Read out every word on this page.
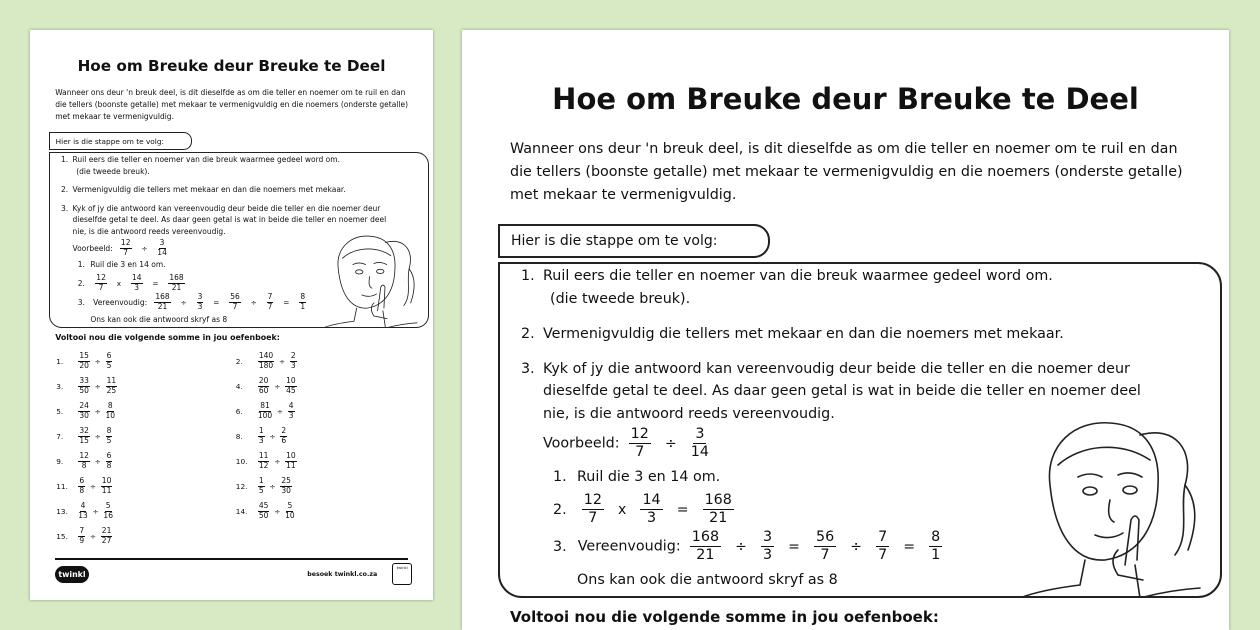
Hoe om Breuke deur Breuke te Deel
Wanneer ons deur 'n breuk deel, is dit dieselfde as om die teller en noemer om te ruil en dan die tellers (boonste getalle) met mekaar te vermenigvuldig en die noemers (onderste getalle) met mekaar te vermenigvuldig.
Hier is die stappe om te volg:
1. Ruil eers die teller en noemer van die breuk waarmee gedeel word om.
(die tweede breuk).
2. Vermenigvuldig die tellers met mekaar en dan die noemers met mekaar.
3. Kyk of jy die antwoord kan vereenvoudig deur beide die teller en die noemer deur
dieselfde getal te deel. As daar geen getal is wat in beide die teller en noemer deel
nie, is die antwoord reeds vereenvoudig.
Voorbeeld: $\frac{12}{7} \div \frac{3}{14}$
1. Ruil die 3 en 14 om.
2. $\frac{12}{7}$ x $\frac{14}{3} = \frac{168}{21}$
3. Vereenvoudig: $\frac{168}{21} \div \frac{3}{3} = \frac{56}{7} \div \frac{7}{7} = \frac{8}{1}$
Ons kan ook die antwoord skryf as 8
Voltooi nou die volgende somme in jou oefenboek:
1.	$\frac{15}{20} \div \frac{6}{5}$	2.	$\frac{140}{180} \div \frac{2}{3}$
3.	$\frac{33}{50} \div \frac{11}{25}$	4.	$\frac{20}{60} \div \frac{10}{45}$
5.	$\frac{24}{30} \div \frac{8}{10}$	6.	$\frac{81}{100} \div \frac{4}{3}$
7.	$\frac{32}{15} \div \frac{8}{5}$	8.	$\frac{1}{3} \div \frac{2}{6}$
9.	$\frac{12}{8} \div \frac{6}{8}$	10.	$\frac{11}{12} \div \frac{10}{11}$
11.	$\frac{6}{8} \div \frac{10}{11}$	12.	$\frac{1}{5} \div \frac{25}{30}$
13.	$\frac{4}{13} \div \frac{5}{16}$	14.	$\frac{45}{50} \div \frac{5}{10}$
15.	$\frac{7}{9} \div \frac{21}{27}$
twinkl	besoek twinkl.co.za
twinkl
Hoe om Breuke deur Breuke te Deel
Wanneer ons deur 'n breuk deel, is dit dieselfde as om die teller en noemer om te ruil en dan die tellers (boonste getalle) met mekaar te vermenigvuldig en die noemers (onderste getalle) met mekaar te vermenigvuldig.
Hier is die stappe om te volg:
1. Ruil eers die teller en noemer van die breuk waarmee gedeel word om.
(die tweede breuk).
2. Vermenigvuldig die tellers met mekaar en dan die noemers met mekaar.
3. Kyk of jy die antwoord kan vereenvoudig deur beide die teller en die noemer deur
dieselfde getal te deel. As daar geen getal is wat in beide die teller en noemer deel
nie, is die antwoord reeds vereenvoudig.
Voorbeeld: $\frac{12}{7} \div \frac{3}{14}$
1. Ruil die 3 en 14 om.
2. $\frac{12}{7}$ x $\frac{14}{3} = \frac{168}{21}$
3. Vereenvoudig: $\frac{168}{21} \div \frac{3}{3} = \frac{56}{7} \div \frac{7}{7} = \frac{8}{1}$
Ons kan ook die antwoord skryf as 8
Voltooi nou die volgende somme in jou oefenboek:
